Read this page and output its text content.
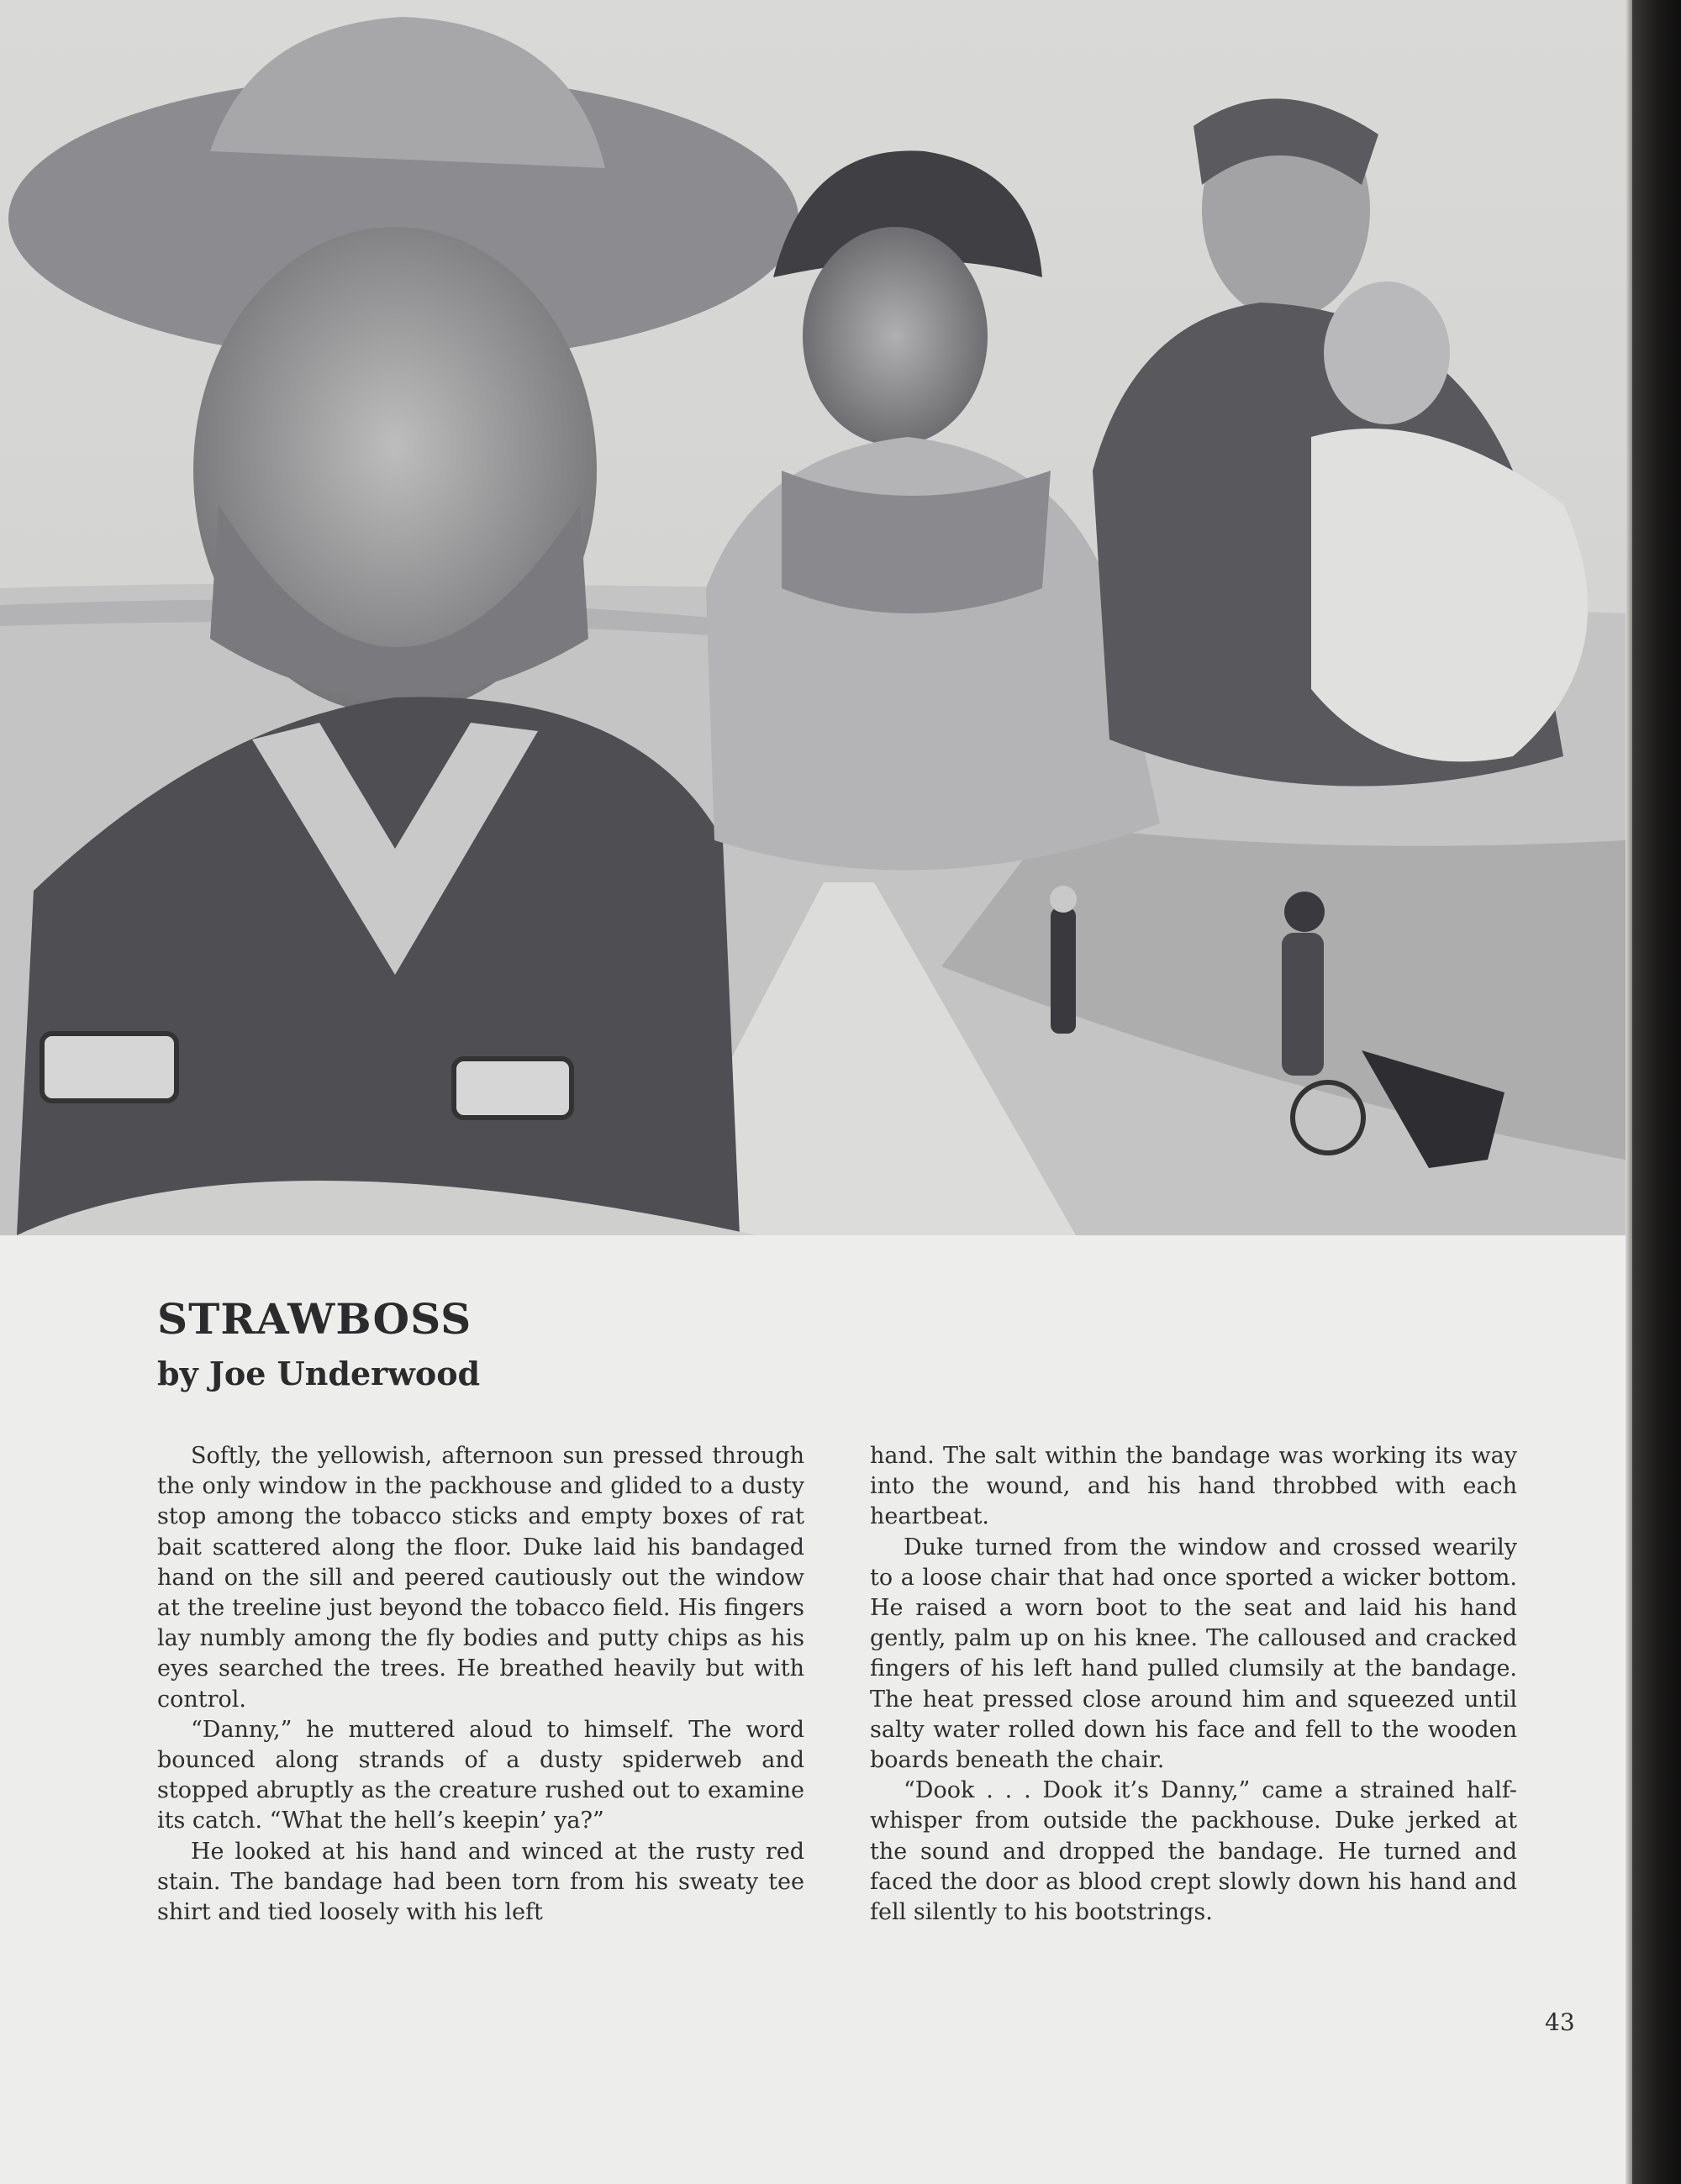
STRAWBOSS
by Joe Underwood

Softly, the yellowish, afternoon sun pressed through the only window in the packhouse and glided to a dusty stop among the tobacco sticks and empty boxes of rat bait scattered along the floor. Duke laid his bandaged hand on the sill and peered cautiously out the window at the treeline just beyond the tobacco field. His fingers lay numbly among the fly bodies and putty chips as his eyes searched the trees. He breathed heavily but with control.

“Danny,” he muttered aloud to himself. The word bounced along strands of a dusty spiderweb and stopped abruptly as the creature rushed out to examine its catch. “What the hell’s keepin’ ya?”

He looked at his hand and winced at the rusty red stain. The bandage had been torn from his sweaty tee shirt and tied loosely with his left

hand. The salt within the bandage was working its way into the wound, and his hand throbbed with each heartbeat.

Duke turned from the window and crossed wearily to a loose chair that had once sported a wicker bottom. He raised a worn boot to the seat and laid his hand gently, palm up on his knee. The calloused and cracked fingers of his left hand pulled clumsily at the bandage. The heat pressed close around him and squeezed until salty water rolled down his face and fell to the wooden boards beneath the chair.

“Dook . . . Dook it’s Danny,” came a strained half-whisper from outside the packhouse. Duke jerked at the sound and dropped the bandage. He turned and faced the door as blood crept slowly down his hand and fell silently to his bootstrings.

43
